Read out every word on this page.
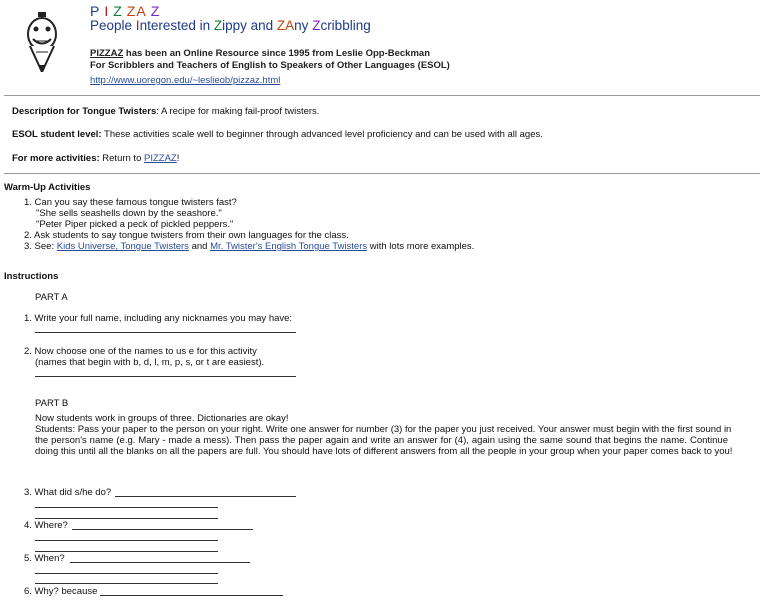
P I Z ZA Z
People Interested in Zippy and ZAny Zcribbling
PIZZAZ has been an Online Resource since 1995 from Leslie Opp-Beckman
For Scribblers and Teachers of English to Speakers of Other Languages (ESOL)
http://www.uoregon.edu/~leslieob/pizzaz.html
Description for Tongue Twisters: A recipe for making fail-proof twisters.
ESOL student level: These activities scale well to beginner through advanced level proficiency and can be used with all ages.
For more activities: Return to PIZZAZ!
Warm-Up Activities
1. Can you say these famous tongue twisters fast?
"She sells seashells down by the seashore."
"Peter Piper picked a peck of pickled peppers."
2. Ask students to say tongue twisters from their own languages for the class.
3. See: Kids Universe, Tongue Twisters and Mr. Twister's English Tongue Twisters with lots more examples.
Instructions
PART A
1. Write your full name, including any nicknames you may have:
2. Now choose one of the names to us e for this activity
(names that begin with b, d, l, m, p, s, or t are easiest).
PART B
Now students work in groups of three. Dictionaries are okay!
Students: Pass your paper to the person on your right. Write one answer for number (3) for the paper you just received. Your answer must begin with the first sound in
the person's name (e.g. Mary - made a mess). Then pass the paper again and write an answer for (4), again using the same sound that begins the name. Continue
doing this until all the blanks on all the papers are full. You should have lots of different answers from all the people in your group when your paper comes back to you!
3. What did s/he do?
4. Where?
5. When?
6. Why? because
